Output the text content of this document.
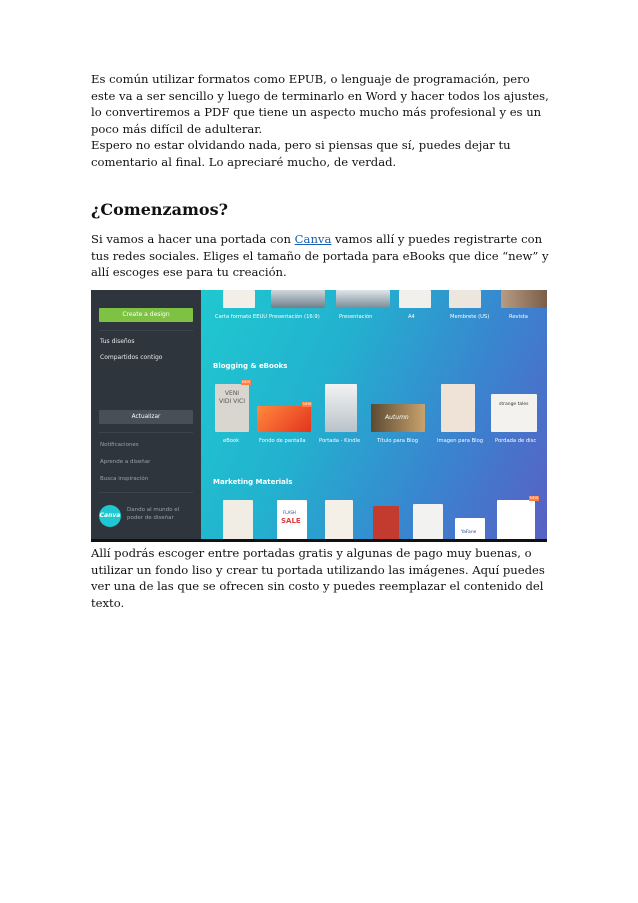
Es común utilizar formatos como EPUB, o lenguaje de programación, pero este va a ser sencillo y luego de terminarlo en Word y hacer todos los ajustes, lo convertiremos a PDF que tiene un aspecto mucho más profesional y es un poco más difícil de adulterar.

Espero no estar olvidando nada, pero si piensas que sí, puedes dejar tu comentario al final. Lo apreciaré mucho, de verdad.

¿Comenzamos?

Si vamos a hacer una portada con Canva vamos allí y puedes registrarte con tus redes sociales. Eliges el tamaño de portada para eBooks que dice “new” y allí escoges ese para tu creación.

Create a design
Tus diseños
Compartidos contigo
Actualizar
Notificaciones
Aprende a diseñar
Busca inspiración
Canva
Dando al mundo el poder de diseñar
Carta formato EEUU Presentación (16:9)	Presentación	A4	Membrete (US)	Revista
Blogging & eBooks
VENI VIDI VICI
NEW
NEW
Autumn
strange tales
eBook	Fondo de pantalla	Portada - Kindle	Título para Blog	Imagen para Blog Pordada de disc
Marketing Materials
FLASH
SALE
YaFane
NEW

Allí podrás escoger entre portadas gratis y algunas de pago muy buenas, o utilizar un fondo liso y crear tu portada utilizando las imágenes. Aquí puedes ver una de las que se ofrecen sin costo y puedes reemplazar el contenido del texto.
